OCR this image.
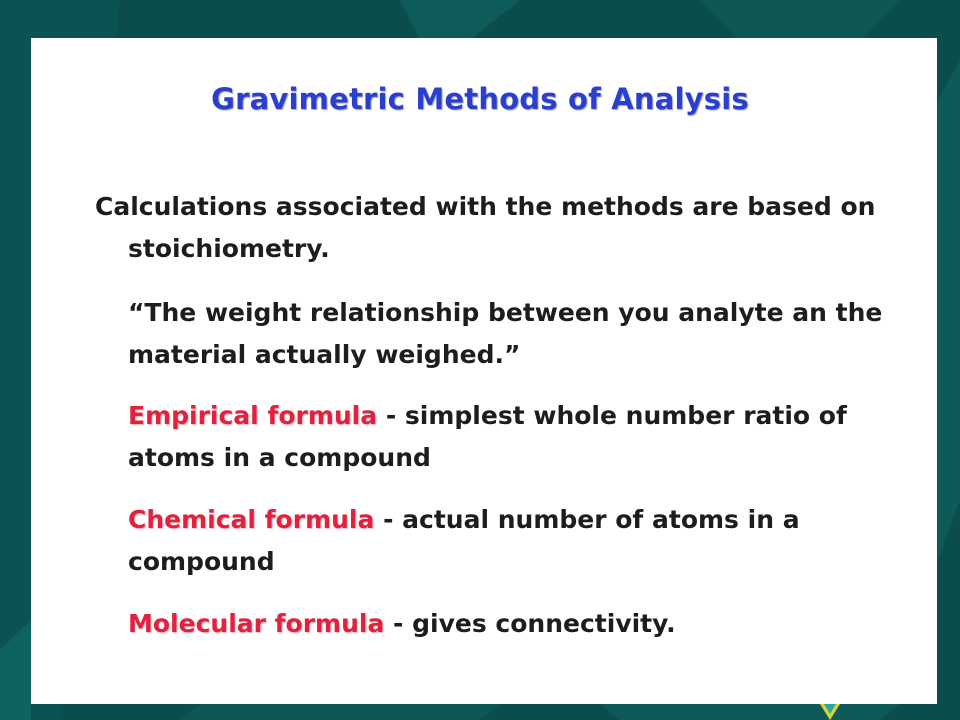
Gravimetric Methods of Analysis
Calculations associated with the methods are based on
stoichiometry.
“The weight relationship between you analyte an the material actually weighed.”
Empirical formula - simplest whole number ratio of atoms in a compound
Chemical formula - actual number of atoms in a compound
Molecular formula - gives connectivity.
